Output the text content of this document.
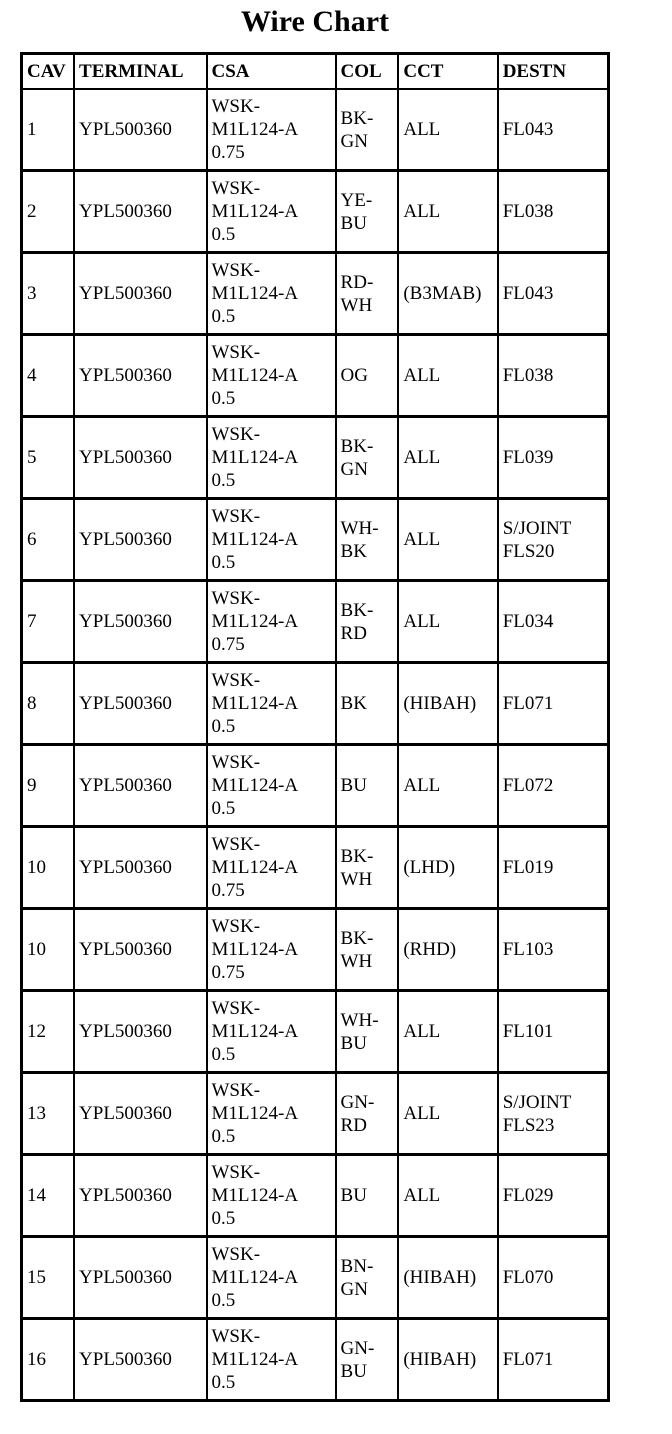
Wire Chart
CAV	TERMINAL	CSA	COL	CCT	DESTN

1	YPL500360	WSK-
M1L124-A
0.75	BK-
GN	ALL	FL043

2	YPL500360	WSK-
M1L124-A
0.5	YE-
BU	ALL	FL038

3	YPL500360	WSK-
M1L124-A
0.5	RD-
WH	(B3MAB)	FL043

4	YPL500360	WSK-
M1L124-A
0.5	OG	ALL	FL038

5	YPL500360	WSK-
M1L124-A
0.5	BK-
GN	ALL	FL039

6	YPL500360	WSK-
M1L124-A
0.5	WH-
BK	ALL	S/JOINT
FLS20

7	YPL500360	WSK-
M1L124-A
0.75	BK-
RD	ALL	FL034

8	YPL500360	WSK-
M1L124-A
0.5	BK	(HIBAH)	FL071

9	YPL500360	WSK-
M1L124-A
0.5	BU	ALL	FL072

10	YPL500360	WSK-
M1L124-A
0.75	BK-
WH	(LHD)	FL019

10	YPL500360	WSK-
M1L124-A
0.75	BK-
WH	(RHD)	FL103

12	YPL500360	WSK-
M1L124-A
0.5	WH-
BU	ALL	FL101

13	YPL500360	WSK-
M1L124-A
0.5	GN-
RD	ALL	S/JOINT
FLS23

14	YPL500360	WSK-
M1L124-A
0.5	BU	ALL	FL029

15	YPL500360	WSK-
M1L124-A
0.5	BN-
GN	(HIBAH)	FL070

16	YPL500360	WSK-
M1L124-A
0.5	GN-
BU	(HIBAH)	FL071
